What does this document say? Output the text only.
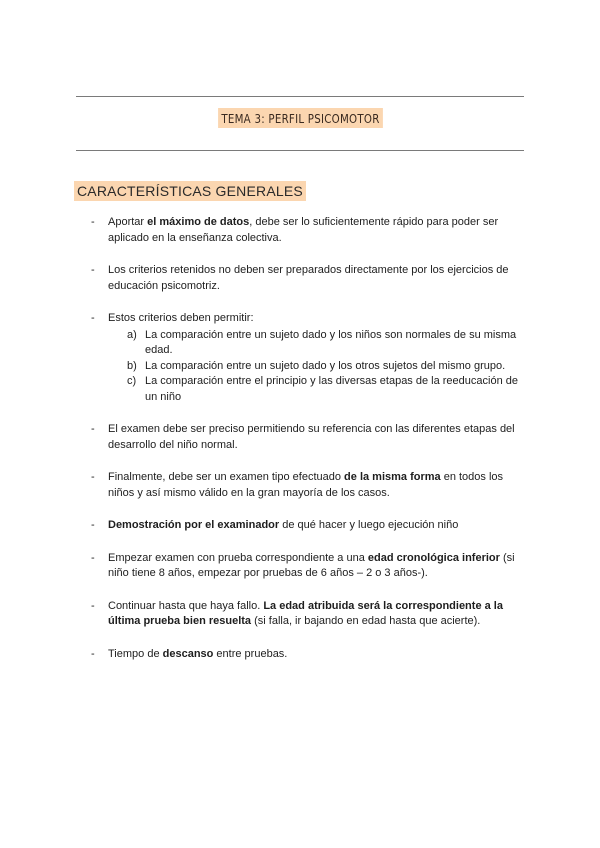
TEMA 3: PERFIL PSICOMOTOR
CARACTERÍSTICAS GENERALES
- Aportar el máximo de datos, debe ser lo suficientemente rápido para poder ser aplicado en la enseñanza colectiva.
- Los criterios retenidos no deben ser preparados directamente por los ejercicios de educación psicomotriz.
- Estos criterios deben permitir:
a) La comparación entre un sujeto dado y los niños son normales de su misma edad.
b) La comparación entre un sujeto dado y los otros sujetos del mismo grupo.
c) La comparación entre el principio y las diversas etapas de la reeducación de un niño
- El examen debe ser preciso permitiendo su referencia con las diferentes etapas del desarrollo del niño normal.
- Finalmente, debe ser un examen tipo efectuado de la misma forma en todos los niños y así mismo válido en la gran mayoría de los casos.
- Demostración por el examinador de qué hacer y luego ejecución niño
- Empezar examen con prueba correspondiente a una edad cronológica inferior (si niño tiene 8 años, empezar por pruebas de 6 años – 2 o 3 años-).
- Continuar hasta que haya fallo. La edad atribuida será la correspondiente a la última prueba bien resuelta (si falla, ir bajando en edad hasta que acierte).
- Tiempo de descanso entre pruebas.
